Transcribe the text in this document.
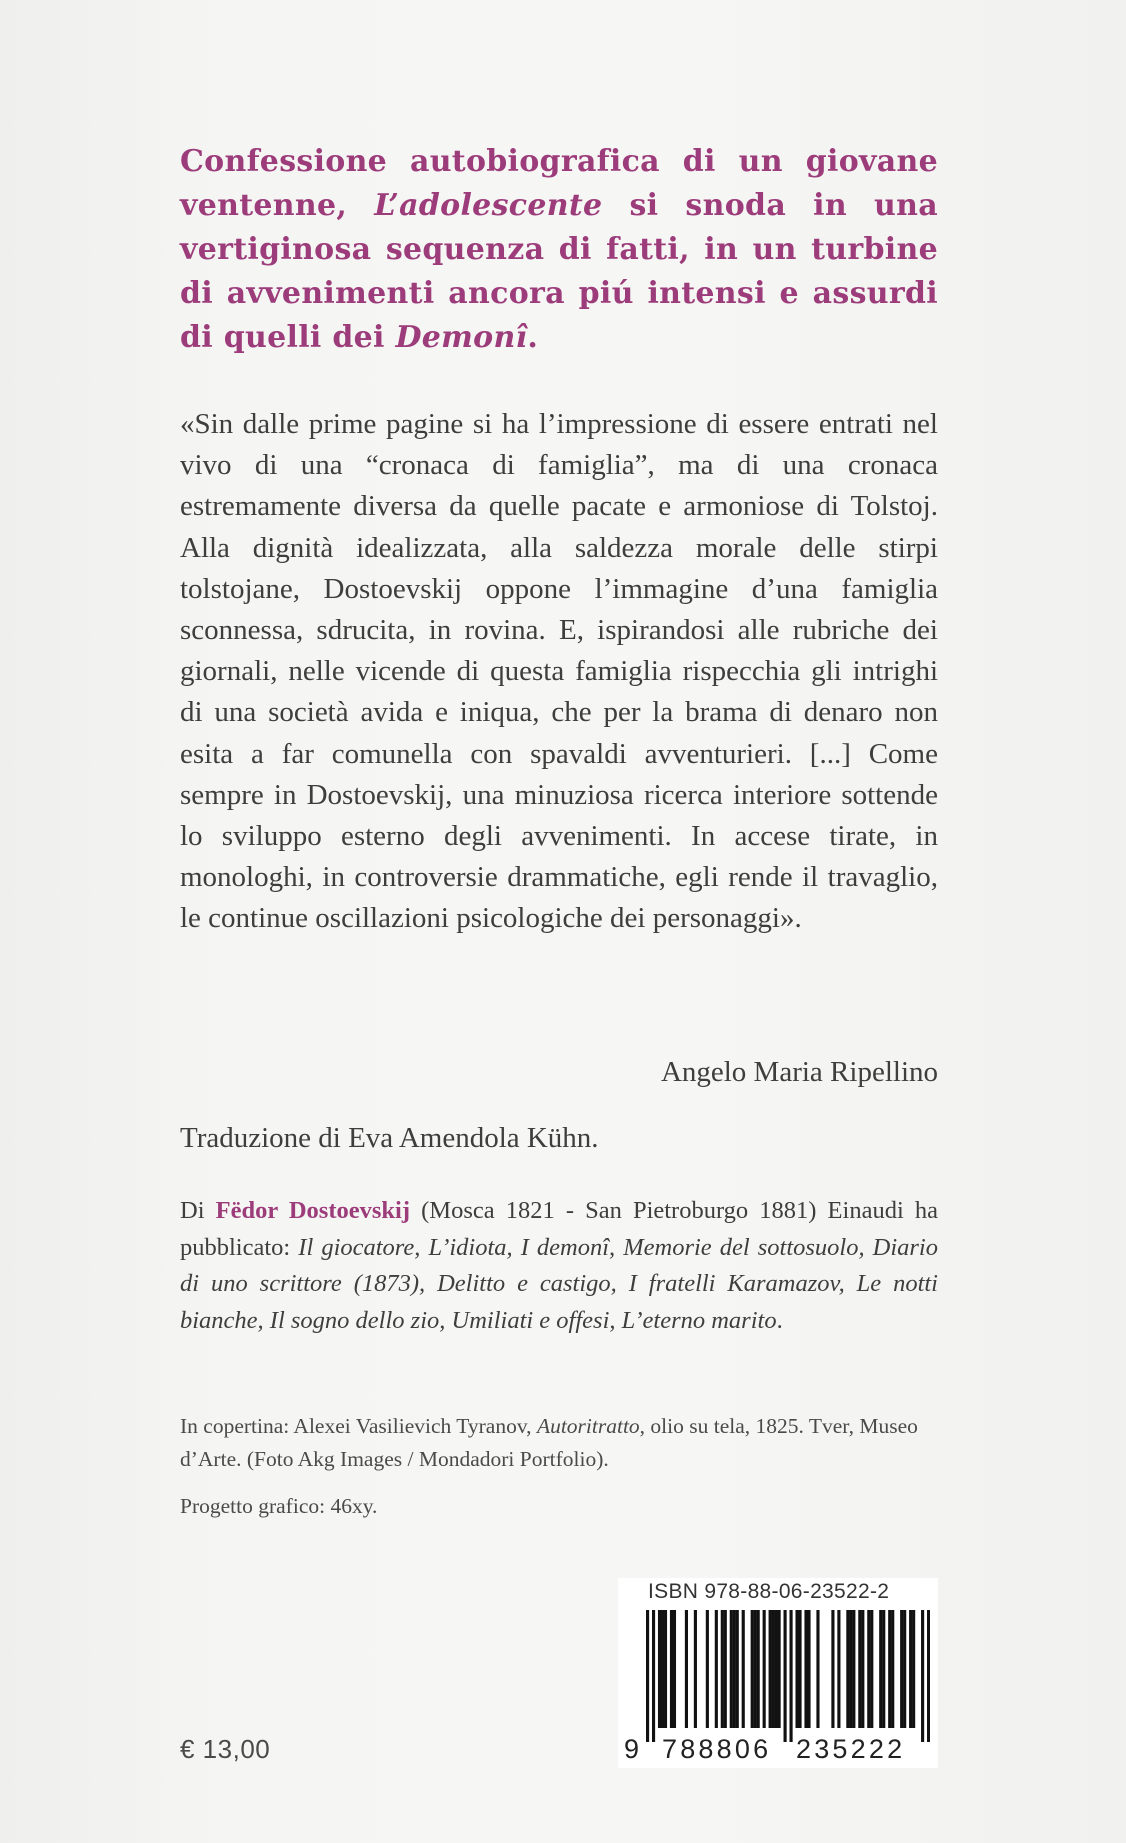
Confessione autobiografica di un giovane ventenne, L’adolescente si snoda in una vertiginosa sequenza di fatti, in un turbine di avvenimenti ancora piú intensi e assurdi di quelli dei Demonî.
«Sin dalle prime pagine si ha l’impressione di essere entrati nel vivo di una “cronaca di famiglia”, ma di una cronaca estremamente diversa da quelle pacate e armoniose di Tolstoj. Alla dignità idealizzata, alla saldezza morale delle stirpi tolstojane, Dostoevskij oppone l’immagine d’una famiglia sconnessa, sdrucita, in rovina. E, ispirandosi alle rubriche dei giornali, nelle vicende di questa famiglia rispecchia gli intrighi di una società avida e iniqua, che per la brama di denaro non esita a far comunella con spavaldi avventurieri. [...] Come sempre in Dostoevskij, una minuziosa ricerca interiore sottende lo sviluppo esterno degli avvenimenti. In accese tirate, in monologhi, in controversie drammatiche, egli rende il travaglio, le continue oscillazioni psicologiche dei personaggi».
Angelo Maria Ripellino
Traduzione di Eva Amendola Kühn.
Di Fëdor Dostoevskij (Mosca 1821 - San Pietroburgo 1881) Einaudi ha pubblicato: Il giocatore, L’idiota, I demonî, Memorie del sottosuolo, Diario di uno scrittore (1873), Delitto e castigo, I fratelli Karamazov, Le notti bianche, Il sogno dello zio, Umiliati e offesi, L’eterno marito.
In copertina: Alexei Vasilievich Tyranov, Autoritratto, olio su tela, 1825. Tver, Museo d’Arte. (Foto Akg Images / Mondadori Portfolio).
Progetto grafico: 46xy.
€ 13,00
ISBN 978-88-06-23522-2
9 788806 235222
